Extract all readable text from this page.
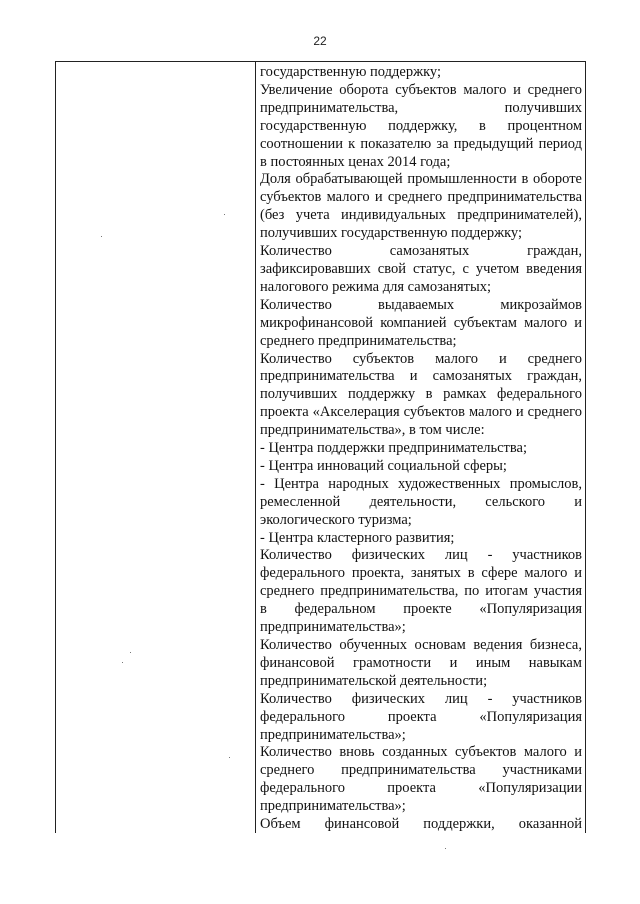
22

государственную поддержку;

Увеличение оборота субъектов малого и среднего предпринимательства, получивших государственную поддержку, в процентном соотношении к показателю за предыдущий период в постоянных ценах 2014 года;

Доля обрабатывающей промышленности в обороте субъектов малого и среднего предпринимательства (без учета индивидуальных предпринимателей), получивших государственную поддержку;

Количество самозанятых граждан, зафиксировавших свой статус, с учетом введения налогового режима для самозанятых;

Количество выдаваемых микрозаймов микрофинансовой компанией субъектам малого и среднего предпринимательства;

Количество субъектов малого и среднего предпринимательства и самозанятых граждан, получивших поддержку в рамках федерального проекта «Акселерация субъектов малого и среднего предпринимательства», в том числе:

- Центра поддержки предпринимательства;

- Центра инноваций социальной сферы;

- Центра народных художественных промыслов, ремесленной деятельности, сельского и экологического туризма;

- Центра кластерного развития;

Количество физических лиц - участников федерального проекта, занятых в сфере малого и среднего предпринимательства, по итогам участия в федеральном проекте «Популяризация предпринимательства»;

Количество обученных основам ведения бизнеса, финансовой грамотности и иным навыкам предпринимательской деятельности;

Количество физических лиц - участников федерального проекта «Популяризация предпринимательства»;

Количество вновь созданных субъектов малого и среднего предпринимательства участниками федерального проекта «Популяризации предпринимательства»;

Объем финансовой поддержки, оказанной
